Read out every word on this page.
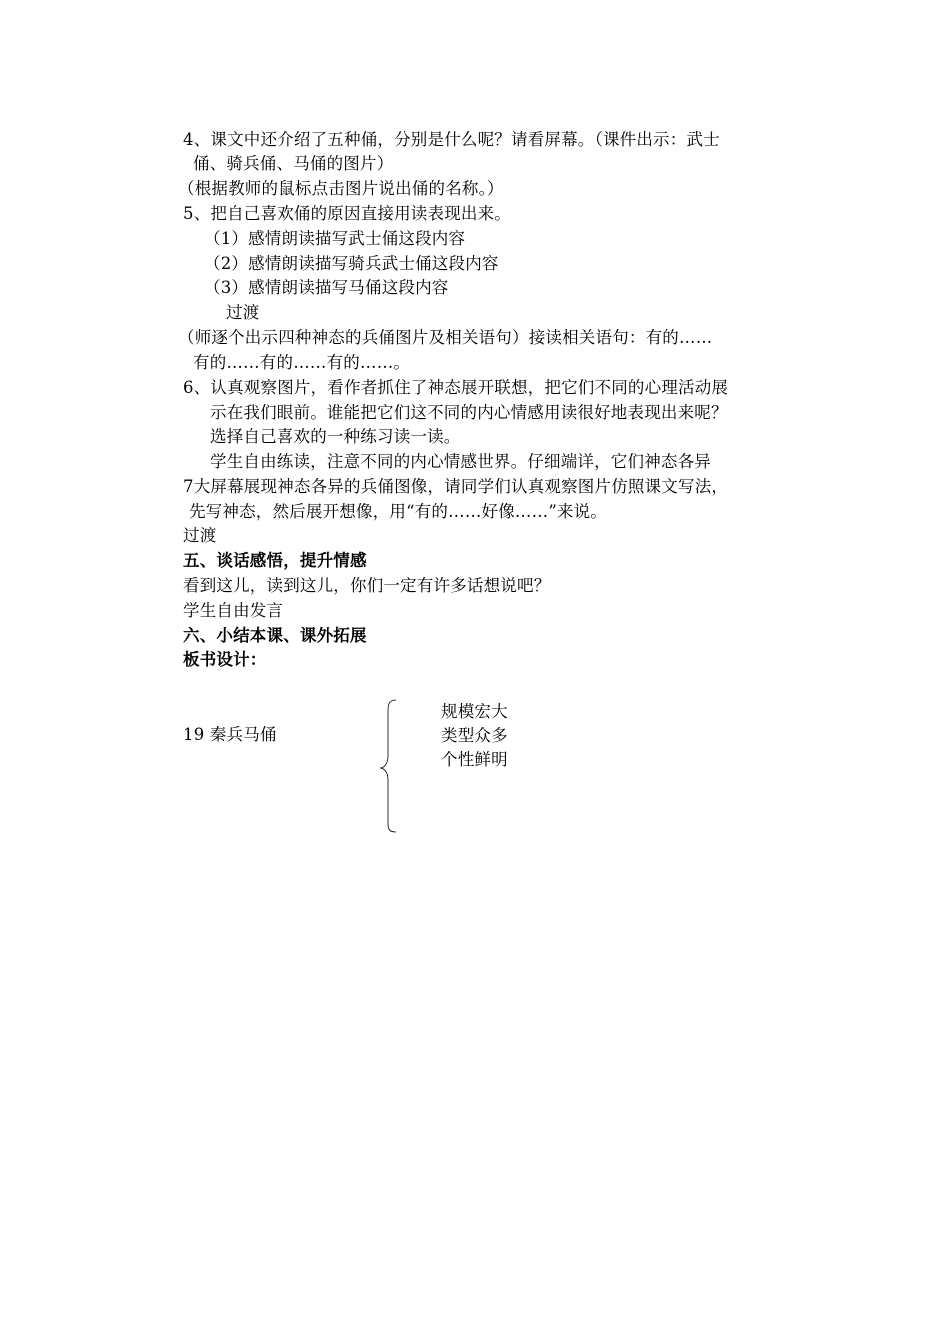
4、课文中还介绍了五种俑，分别是什么呢？请看屏幕。（课件出示：武士
俑、骑兵俑、马俑的图片）
（根据教师的鼠标点击图片说出俑的名称。）
5、把自己喜欢俑的原因直接用读表现出来。
（1）感情朗读描写武士俑这段内容
（2）感情朗读描写骑兵武士俑这段内容
（3）感情朗读描写马俑这段内容
过渡
（师逐个出示四种神态的兵俑图片及相关语句）接读相关语句：有的……
有的……有的……有的……。
6、认真观察图片，看作者抓住了神态展开联想，把它们不同的心理活动展
示在我们眼前。谁能把它们这不同的内心情感用读很好地表现出来呢？
选择自己喜欢的一种练习读一读。
学生自由练读，注意不同的内心情感世界。仔细端详，它们神态各异
7大屏幕展现神态各异的兵俑图像，请同学们认真观察图片仿照课文写法，
先写神态，然后展开想像，用“有的……好像……”来说。
过渡
五、谈话感悟，提升情感
看到这儿，读到这儿，你们一定有许多话想说吧？
学生自由发言
六、小结本课、课外拓展
板书设计：
19 秦兵马俑
规模宏大
类型众多
个性鲜明
